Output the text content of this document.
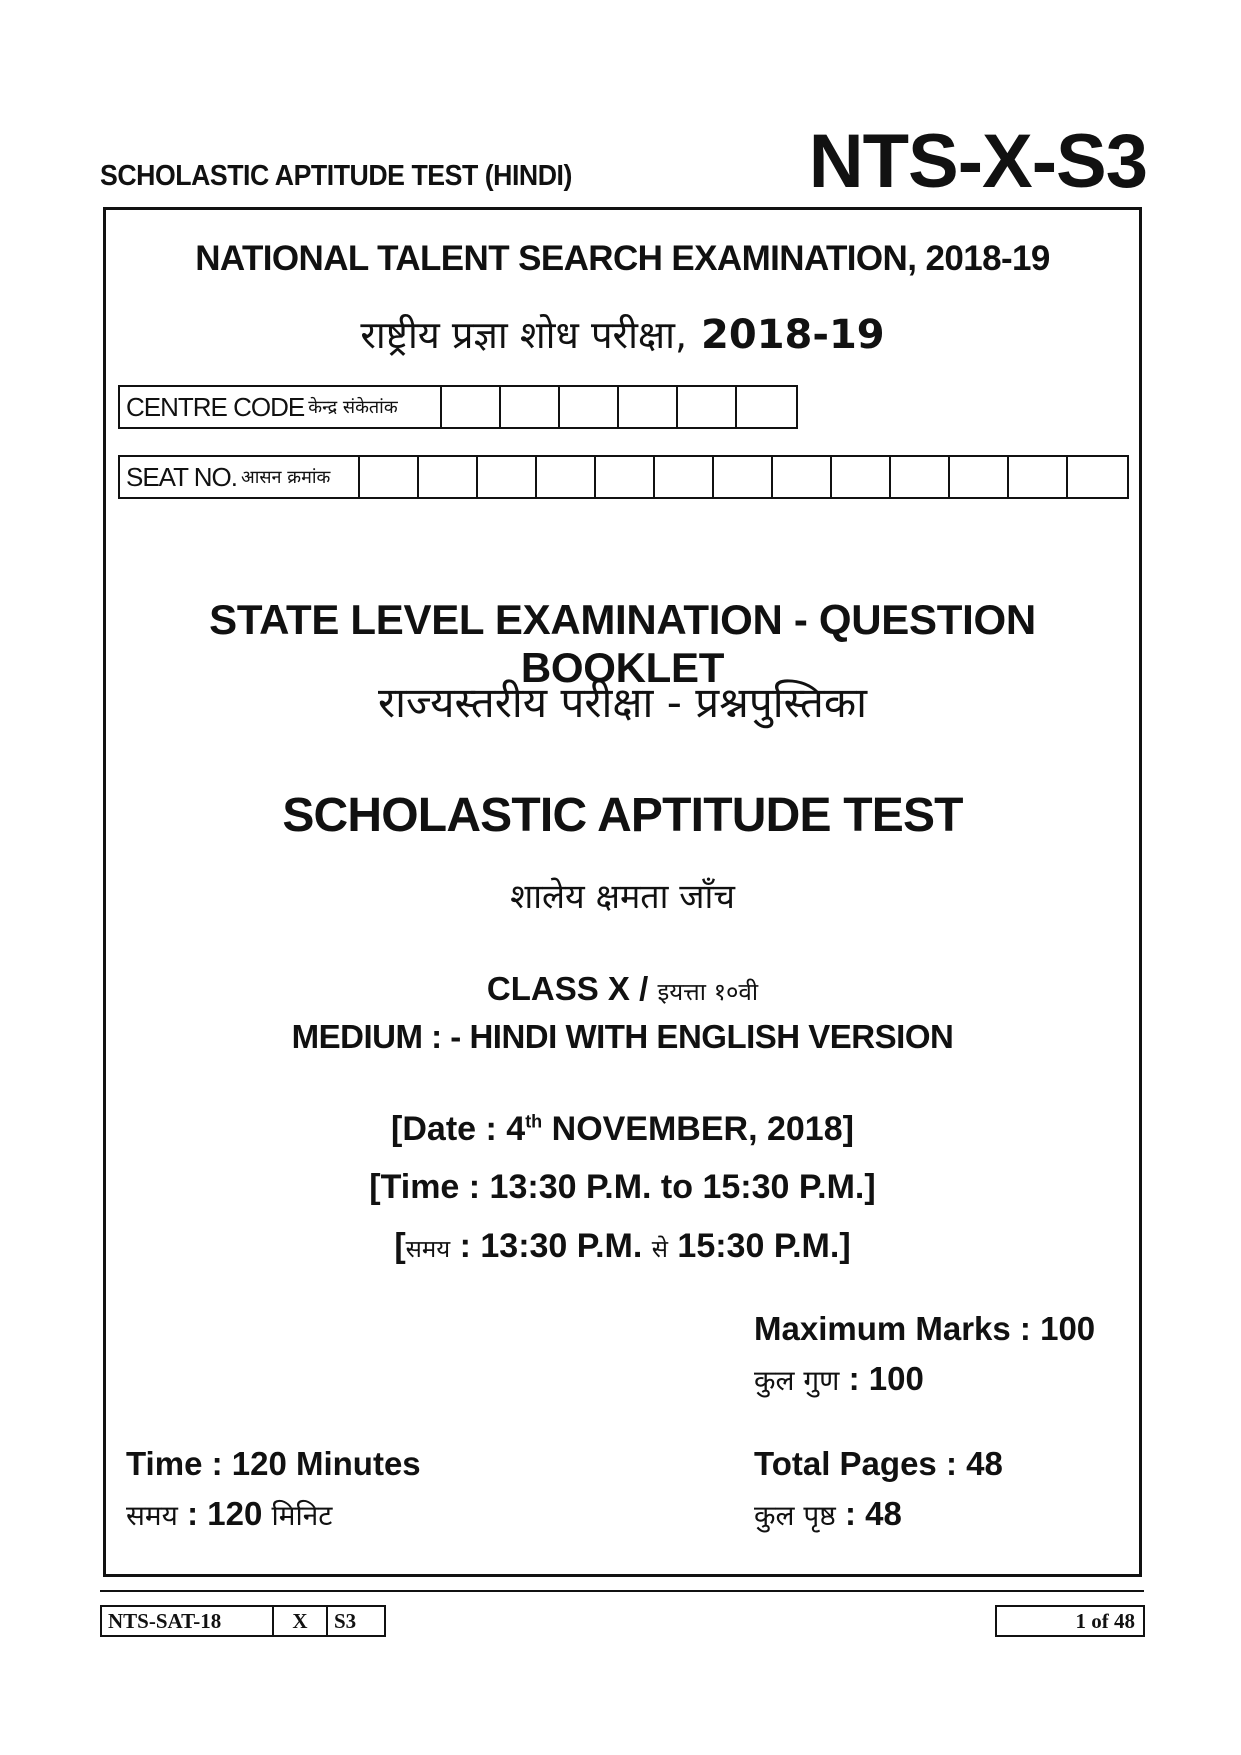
SCHOLASTIC APTITUDE TEST (HINDI)	NTS-X-S3
NATIONAL TALENT SEARCH EXAMINATION, 2018-19
राष्ट्रीय प्रज्ञा शोध परीक्षा, 2018-19
CENTRE CODE केन्द्र संकेतांक
SEAT NO. आसन क्रमांक
STATE LEVEL EXAMINATION - QUESTION BOOKLET
राज्यस्तरीय परीक्षा - प्रश्नपुस्तिका
SCHOLASTIC APTITUDE TEST
शालेय क्षमता जाँच
CLASS X / इयत्ता १०वी
MEDIUM : - HINDI WITH ENGLISH VERSION
[Date : 4th NOVEMBER, 2018]
[Time : 13:30 P.M. to 15:30 P.M.]
[समय : 13:30 P.M. से 15:30 P.M.]
Maximum Marks : 100
कुल गुण : 100
Time : 120 Minutes
समय : 120 मिनिट
Total Pages : 48
कुल पृष्ठ : 48
NTS-SAT-18	X	S3	1 of 48
